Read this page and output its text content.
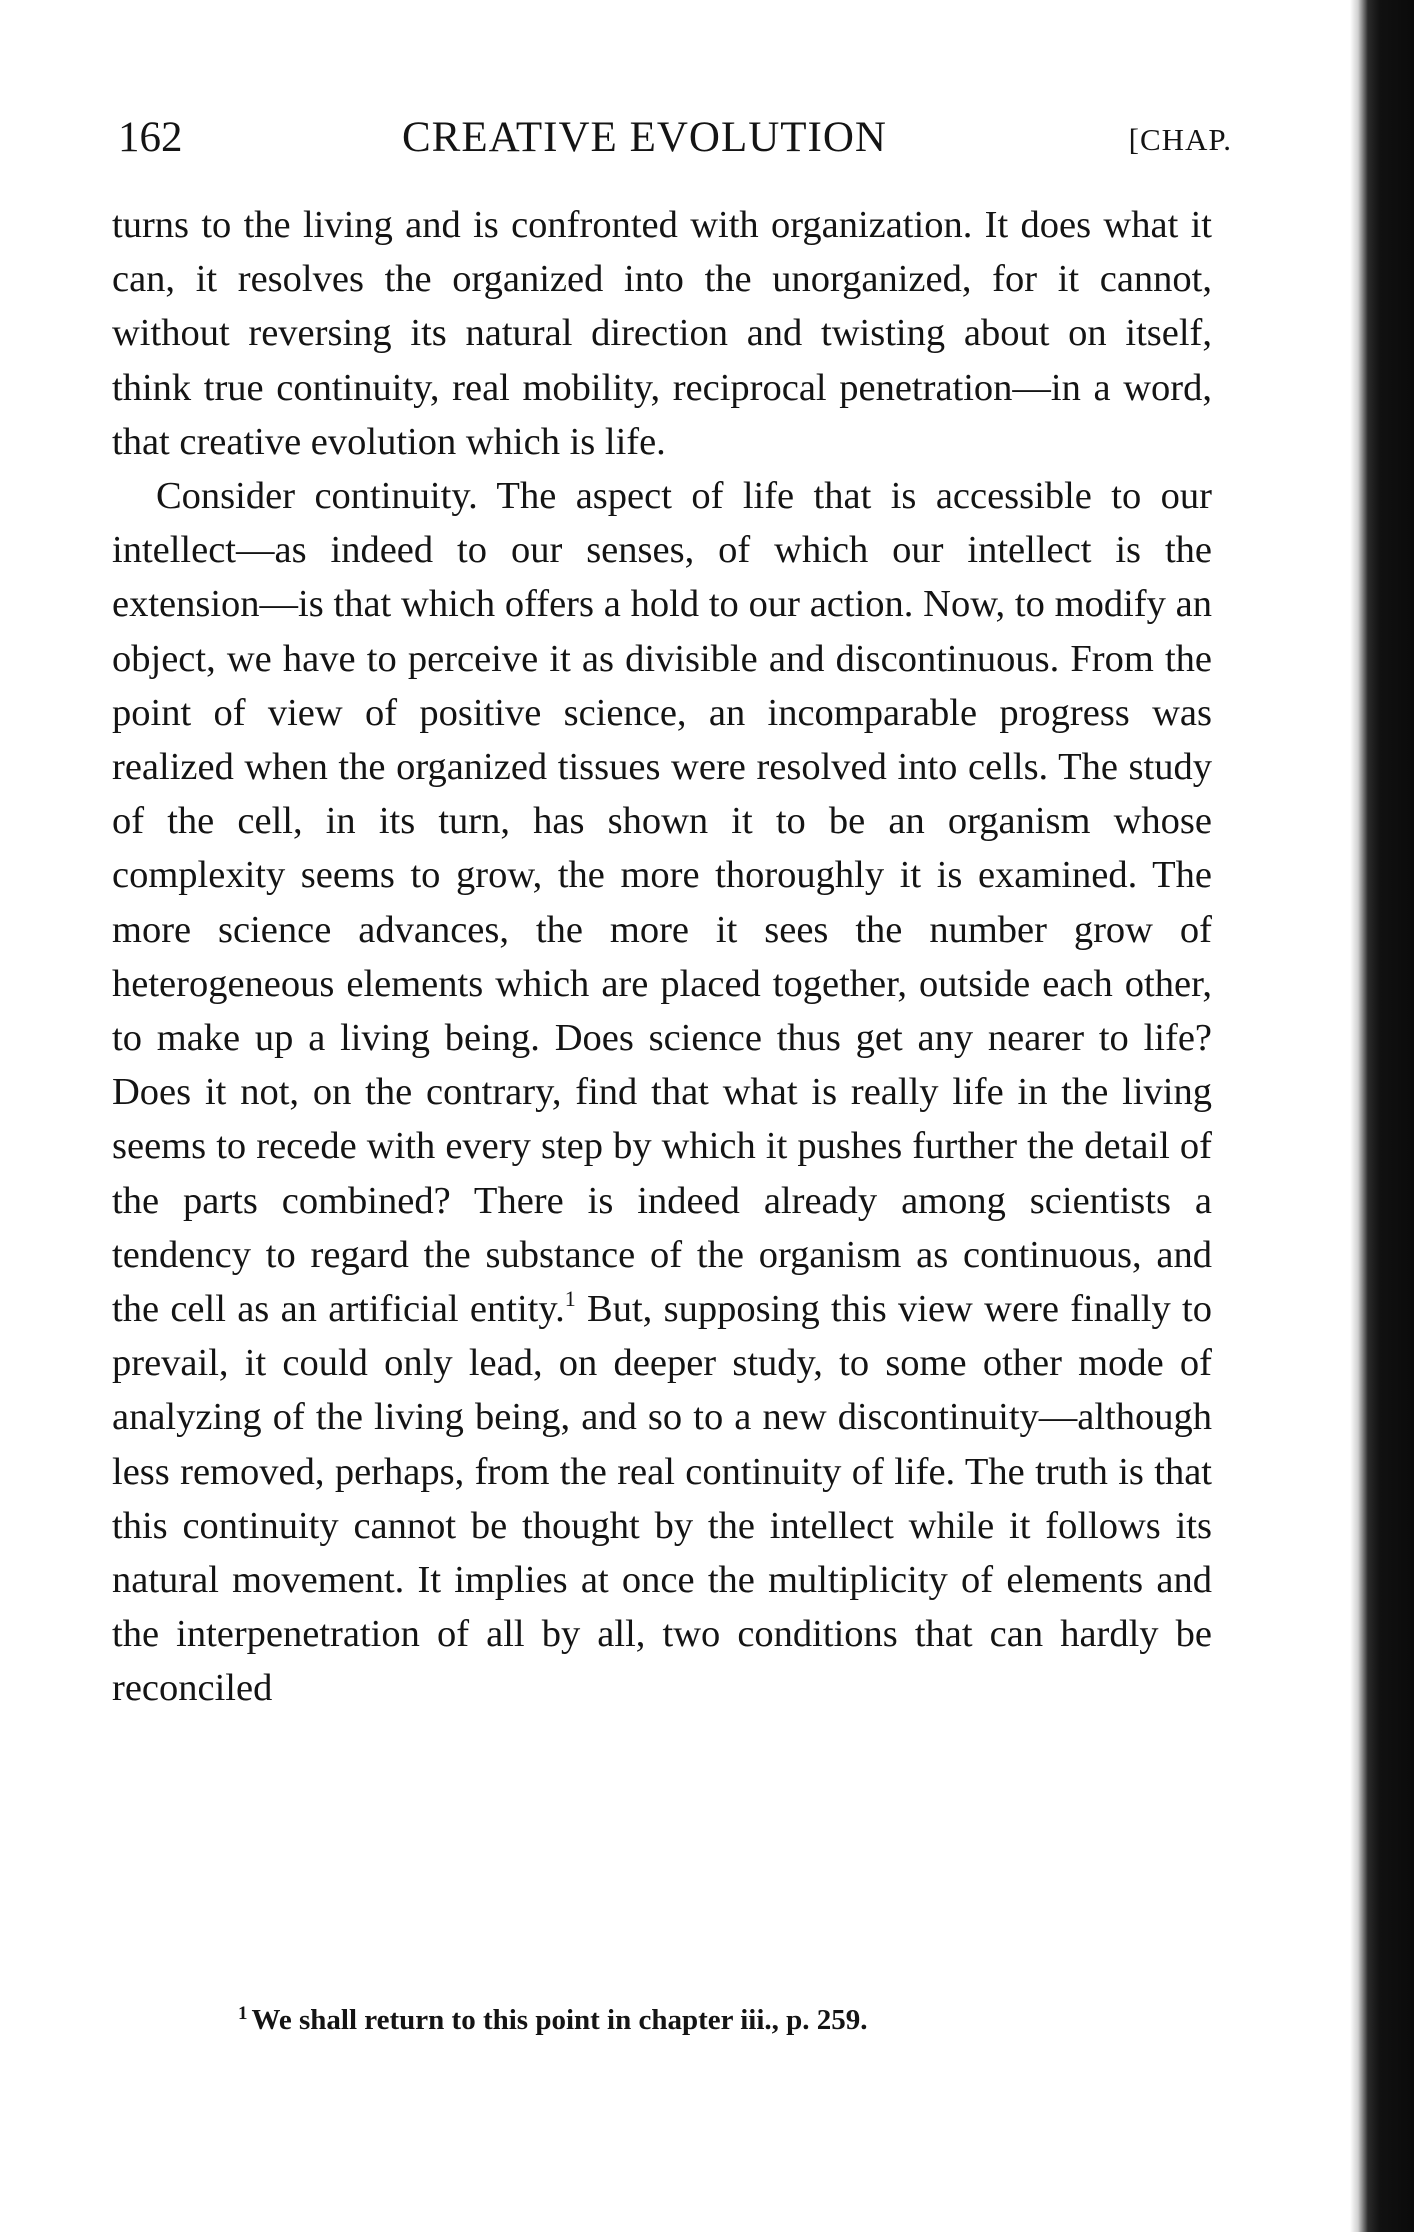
162	CREATIVE EVOLUTION	[CHAP.

turns to the living and is confronted with organization. It does what it can, it resolves the organized into the unorganized, for it cannot, without reversing its natural direction and twisting about on itself, think true continuity, real mobility, reciprocal penetration—in a word, that creative evolution which is life.

Consider continuity. The aspect of life that is accessible to our intellect—as indeed to our senses, of which our intellect is the extension—is that which offers a hold to our action. Now, to modify an object, we have to perceive it as divisible and discontinuous. From the point of view of positive science, an incomparable progress was realized when the organized tissues were resolved into cells. The study of the cell, in its turn, has shown it to be an organism whose complexity seems to grow, the more thoroughly it is examined. The more science advances, the more it sees the number grow of heterogeneous elements which are placed together, outside each other, to make up a living being. Does science thus get any nearer to life? Does it not, on the contrary, find that what is really life in the living seems to recede with every step by which it pushes further the detail of the parts combined? There is indeed already among scientists a tendency to regard the substance of the organism as continuous, and the cell as an artificial entity.$^1$ But, supposing this view were finally to prevail, it could only lead, on deeper study, to some other mode of analyzing of the living being, and so to a new discontinuity—although less removed, perhaps, from the real continuity of life. The truth is that this continuity cannot be thought by the intellect while it follows its natural movement. It implies at once the multiplicity of elements and the interpenetration of all by all, two conditions that can hardly be reconciled

$^1$ We shall return to this point in chapter iii., p. 259.
